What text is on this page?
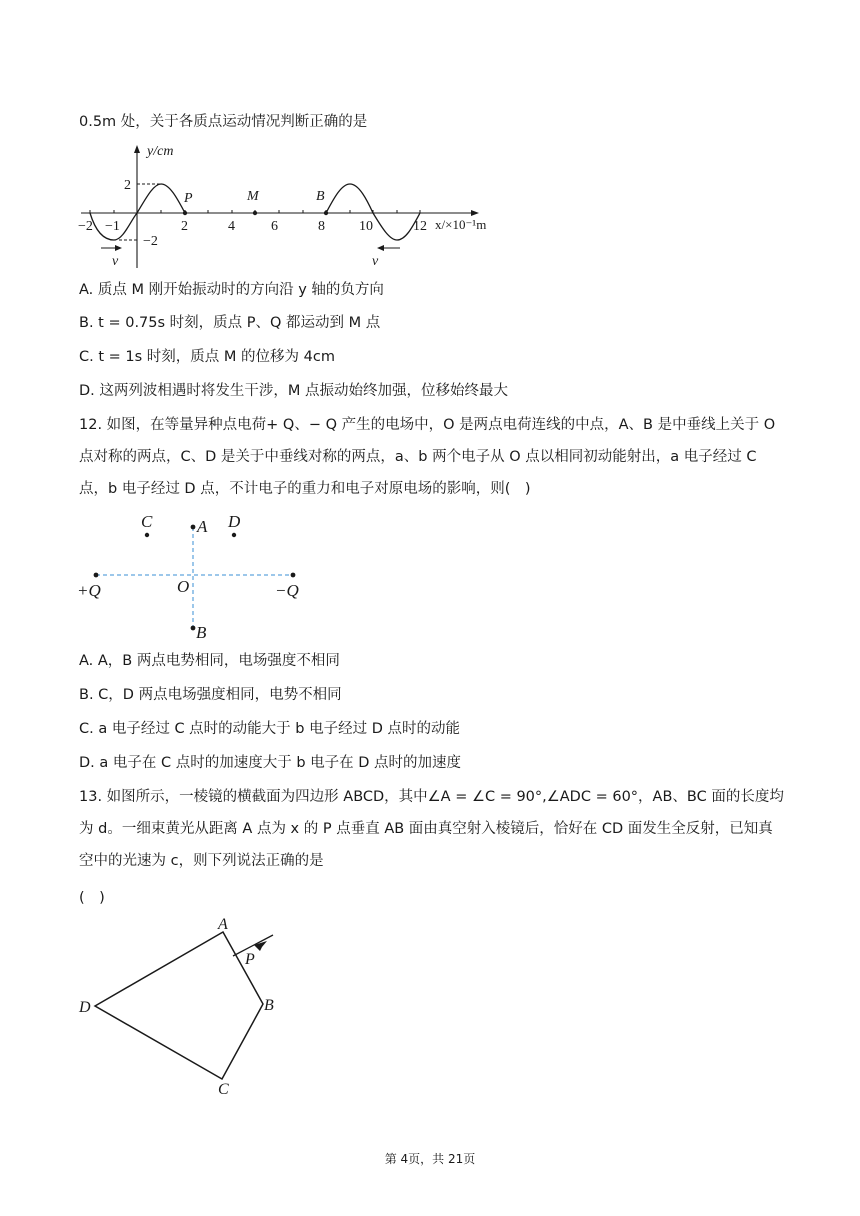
0.5m 处，关于各质点运动情况判断正确的是
y/cm
x/×10⁻¹m
2
−2
−2 −1	2	4	6	8 10	12
P	M	B
v	v
A. 质点 M 刚开始振动时的方向沿 y 轴的负方向
B. t = 0.75s 时刻，质点 P、Q 都运动到 M 点
C. t = 1s 时刻，质点 M 的位移为 4cm
D. 这两列波相遇时将发生干涉，M 点振动始终加强，位移始终最大
12. 如图，在等量异种点电荷+ Q、− Q 产生的电场中，O 是两点电荷连线的中点，A、B 是中垂线上关于 O 点对称的两点，C、D 是关于中垂线对称的两点，a、b 两个电子从 O 点以相同初动能射出，a 电子经过 C 点，b 电子经过 D 点，不计电子的重力和电子对原电场的影响，则(　)
C	A D
+Q	O	−Q
B
A. A，B 两点电势相同，电场强度不相同
B. C，D 两点电场强度相同，电势不相同
C. a 电子经过 C 点时的动能大于 b 电子经过 D 点时的动能
D. a 电子在 C 点时的加速度大于 b 电子在 D 点时的加速度
13. 如图所示，一棱镜的横截面为四边形 ABCD，其中∠A = ∠C = 90°,∠ADC = 60°，AB、BC 面的长度均为 d。一细束黄光从距离 A 点为 x 的 P 点垂直 AB 面由真空射入棱镜后，恰好在 CD 面发生全反射，已知真空中的光速为 c，则下列说法正确的是
(　)
A
P
B
D
C
第 4页，共 21页
